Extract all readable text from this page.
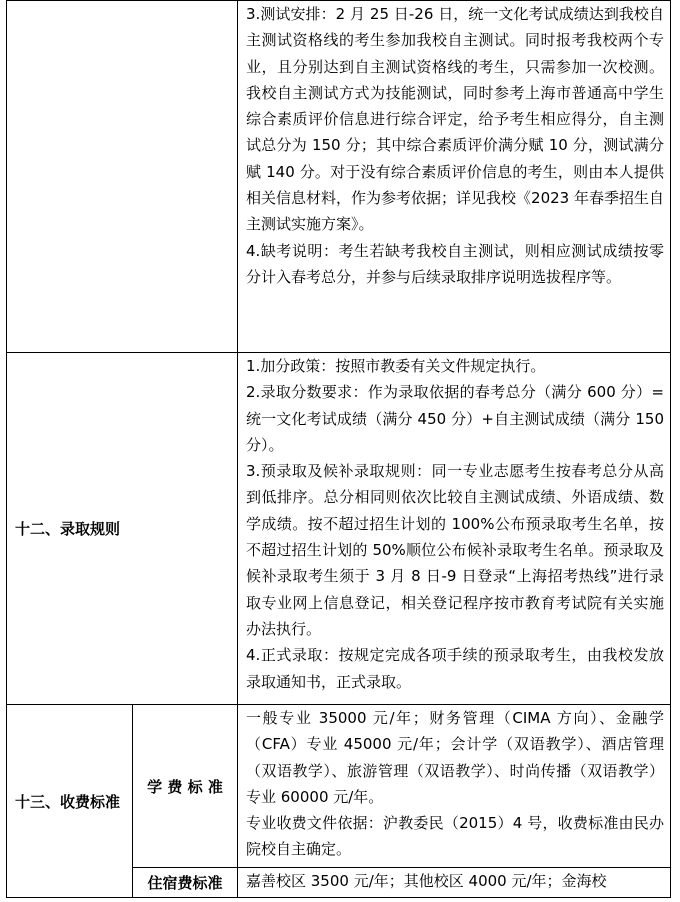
		3.测试安排：2 月 25 日-26 日，统一文化考试成绩达到我校自主测试资格线的考生参加我校自主测试。同时报考我校两个专业，且分别达到自主测试资格线的考生，只需参加一次校测。我校自主测试方式为技能测试，同时参考上海市普通高中学生综合素质评价信息进行综合评定，给予考生相应得分，自主测试总分为 150 分；其中综合素质评价满分赋 10 分，测试满分赋 140 分。对于没有综合素质评价信息的考生，则由本人提供相关信息材料，作为参考依据；详见我校《2023 年春季招生自主测试实施方案》。
4.缺考说明：考生若缺考我校自主测试，则相应测试成绩按零分计入春考总分，并参与后续录取排序说明选拔程序等。

十二、录取规则		1.加分政策：按照市教委有关文件规定执行。
2.录取分数要求：作为录取依据的春考总分（满分 600 分）=统一文化考试成绩（满分 450 分）+自主测试成绩（满分 150 分）。
3.预录取及候补录取规则：同一专业志愿考生按春考总分从高到低排序。总分相同则依次比较自主测试成绩、外语成绩、数学成绩。按不超过招生计划的 100%公布预录取考生名单，按不超过招生计划的 50%顺位公布候补录取考生名单。预录取及候补录取考生须于 3 月 8 日-9 日登录“上海招考热线”进行录取专业网上信息登记，相关登记程序按市教育考试院有关实施办法执行。
4.正式录取：按规定完成各项手续的预录取考生，由我校发放录取通知书，正式录取。

十三、收费标准	学 费 标 准	一般专业 35000 元/年；财务管理（CIMA 方向）、金融学（CFA）专业 45000 元/年；会计学（双语教学）、酒店管理（双语教学）、旅游管理（双语教学）、时尚传播（双语教学）专业 60000 元/年。
专业收费文件依据：沪教委民（2015）4 号，收费标准由民办院校自主确定。

	住宿费标准	嘉善校区 3500 元/年；其他校区 4000 元/年；金海校
